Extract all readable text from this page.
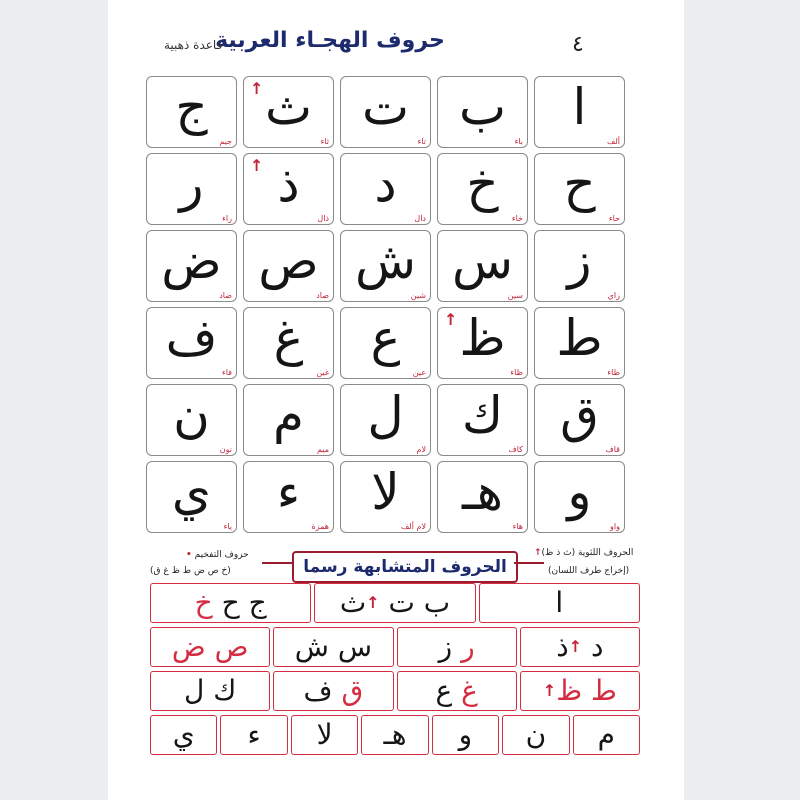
٤
حروف الهجـاء العربية
قاعدة ذهبية
ا
ألف
ب
باء
ت
تاء
ث
ثاء
↑
ج
جيم
ح
حاء
خ
خاء
د
دال
ذ
ذال
↑
ر
راء
ز
زاي
س
سين
ش
شين
ص
صاد
ض
ضاد
ط
طاء
ظ
ظاء
↑
ع
عين
غ
غين
ف
فاء
ق
قاف
ك
كاف
ل
لام
م
ميم
ن
نون
و
واو
هـ
هاء
لا
لام ألف
ء
همزة
ي
ياء
الحروف المتشابهة رسما
• حروف التفخيم
(خ ص ض ط ظ غ ق)
↑الحروف اللثوية (ث ذ ظ)
(إخراج طرف اللسان)
ا
ب ت ↑ث
ج ح خ
د ↑ذ
ر ز
س ش
ص ض
↑ط ظ
غ ع
ق ف
ك ل
م
ن
و
هـ
لا
ء
ي
